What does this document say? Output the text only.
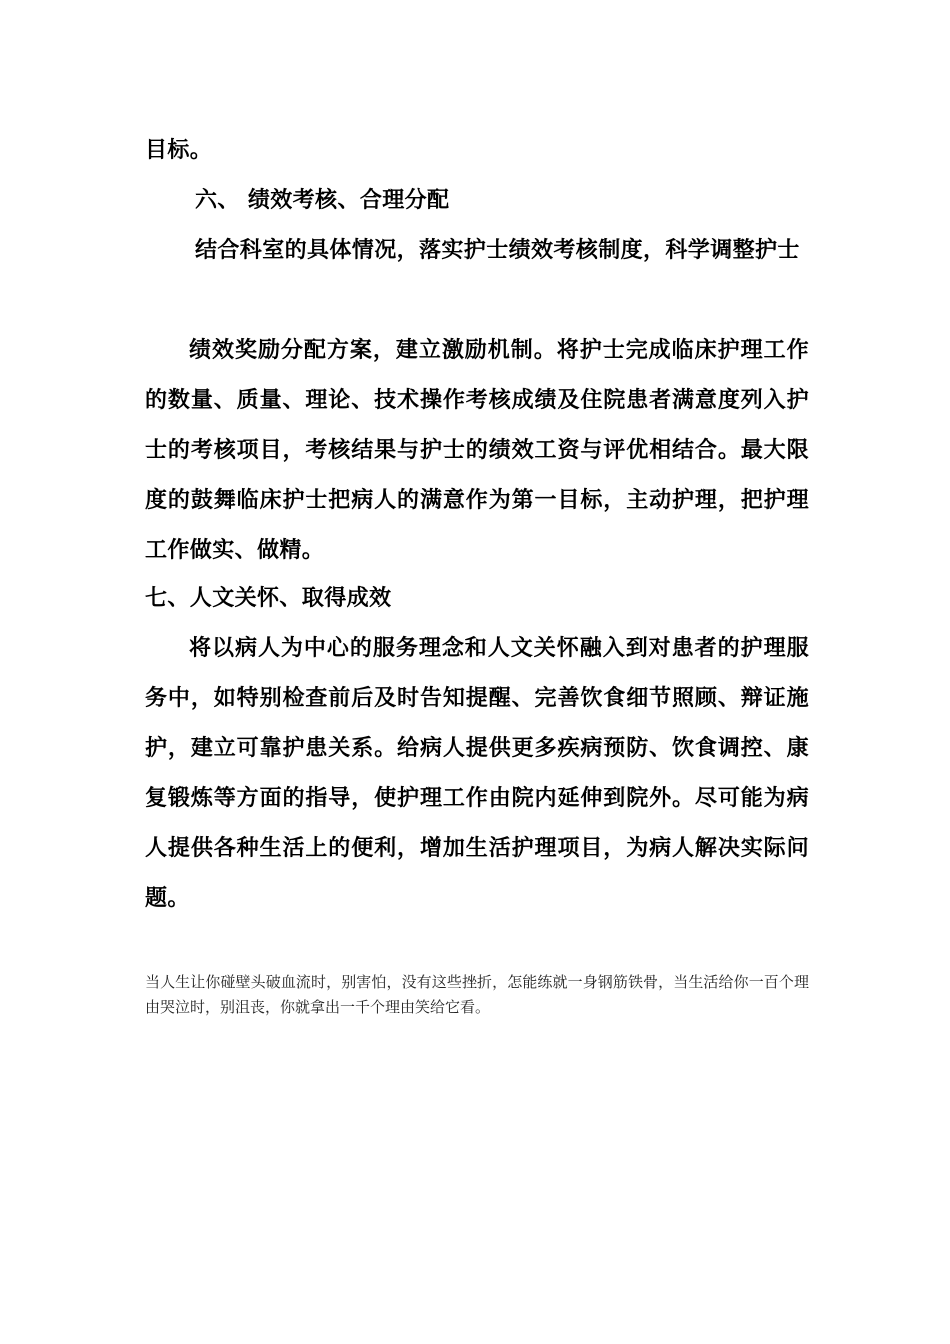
目标。
六、 绩效考核、合理分配
结合科室的具体情况，落实护士绩效考核制度，科学调整护士
绩效奖励分配方案，建立激励机制。将护士完成临床护理工作的数量、质量、理论、技术操作考核成绩及住院患者满意度列入护士的考核项目，考核结果与护士的绩效工资与评优相结合。最大限度的鼓舞临床护士把病人的满意作为第一目标，主动护理，把护理工作做实、做精。
七、人文关怀、取得成效
将以病人为中心的服务理念和人文关怀融入到对患者的护理服务中，如特别检查前后及时告知提醒、完善饮食细节照顾、辩证施护，建立可靠护患关系。给病人提供更多疾病预防、饮食调控、康复锻炼等方面的指导，使护理工作由院内延伸到院外。尽可能为病人提供各种生活上的便利，增加生活护理项目，为病人解决实际问题。
当人生让你碰壁头破血流时，别害怕，没有这些挫折，怎能练就一身钢筋铁骨，当生活给你一百个理由哭泣时，别沮丧，你就拿出一千个理由笑给它看。
